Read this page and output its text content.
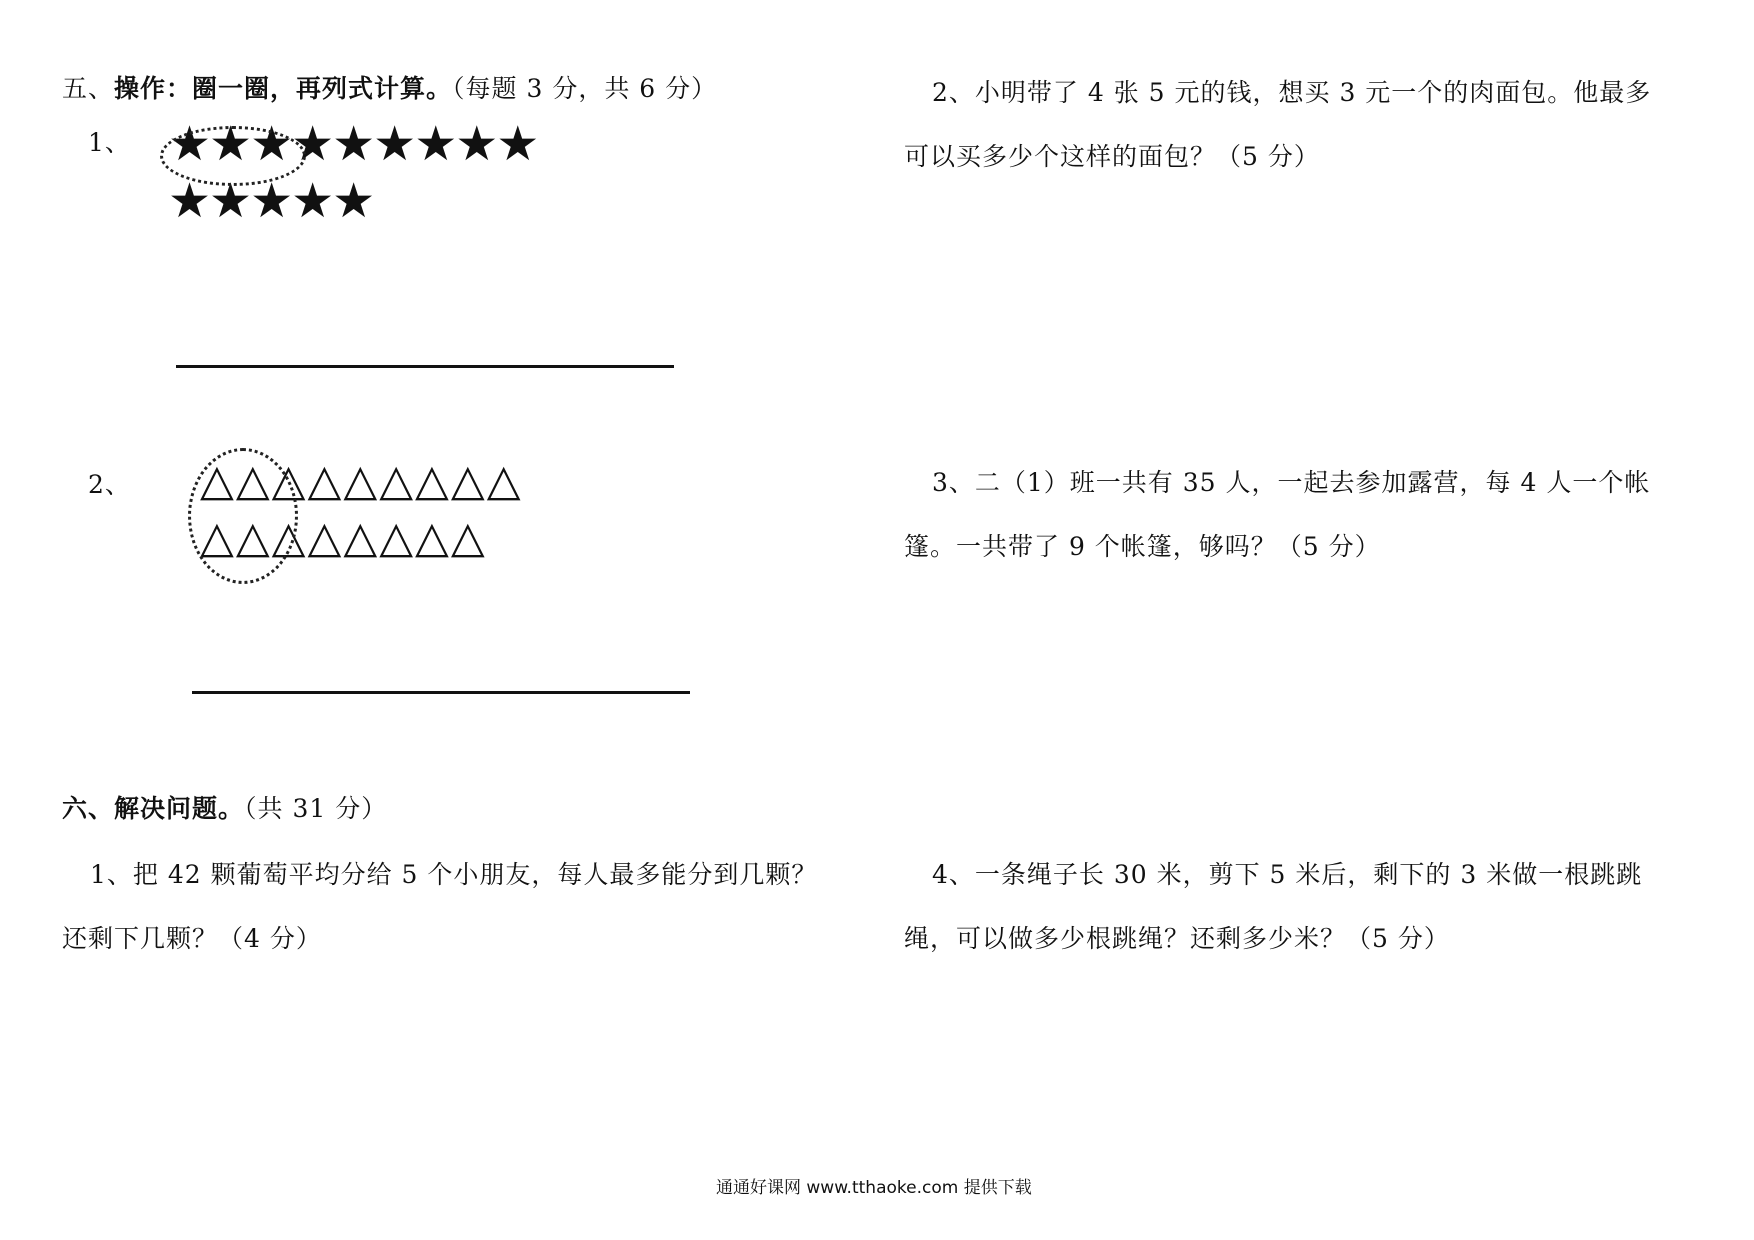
五、操作：圈一圈，再列式计算。（每题 3 分，共 6 分）
1、 ★★★★★★★★★
★★★★★
2、 △△△△△△△△△
△△△△△△△△
六、解决问题。（共 31 分）
1、把 42 颗葡萄平均分给 5 个小朋友，每人最多能分到几颗？
还剩下几颗？（4 分）
2、小明带了 4 张 5 元的钱，想买 3 元一个的肉面包。他最多
可以买多少个这样的面包？（5 分）
3、二（1）班一共有 35 人，一起去参加露营，每 4 人一个帐
篷。一共带了 9 个帐篷，够吗？（5 分）
4、一条绳子长 30 米，剪下 5 米后，剩下的 3 米做一根跳跳
绳，可以做多少根跳绳？还剩多少米？（5 分）
通通好课网 www.tthaoke.com 提供下载
